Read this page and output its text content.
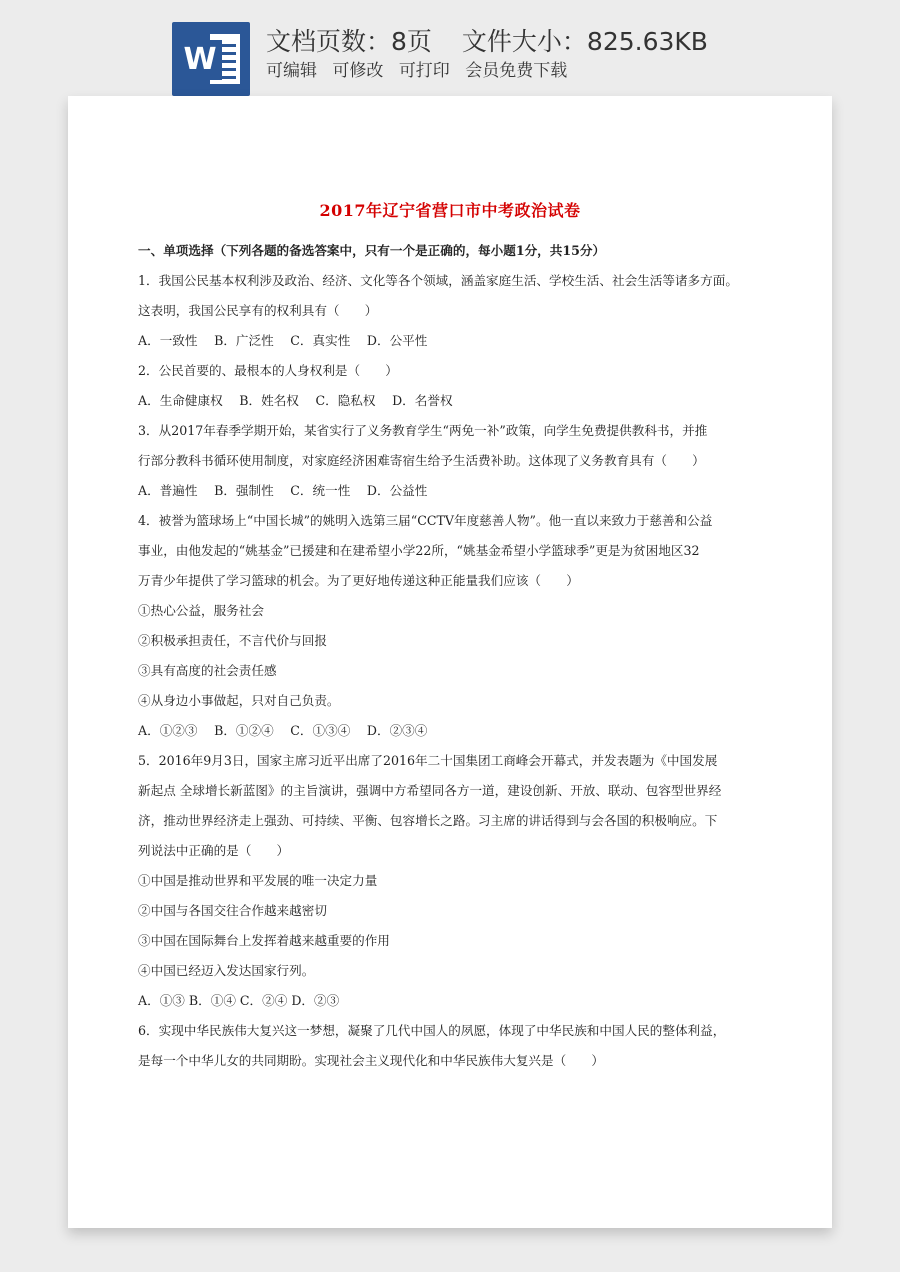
W
文档页数：8页 文件大小：825.63KB
可编辑 可修改 可打印 会员免费下载
2017年辽宁省营口市中考政治试卷
一、单项选择（下列各题的备选答案中，只有一个是正确的，每小题1分，共15分）
1．我国公民基本权利涉及政治、经济、文化等各个领域，涵盖家庭生活、学校生活、社会生活等诸多方面。
这表明，我国公民享有的权利具有（　　）
A．一致性　 B．广泛性　 C．真实性　 D．公平性
2．公民首要的、最根本的人身权利是（　　）
A．生命健康权　 B．姓名权　 C．隐私权　 D．名誉权
3．从2017年春季学期开始，某省实行了义务教育学生“两免一补”政策，向学生免费提供教科书，并推
行部分教科书循环使用制度，对家庭经济困难寄宿生给予生活费补助。这体现了义务教育具有（　　）
A．普遍性　 B．强制性　 C．统一性　 D．公益性
4．被誉为篮球场上“中国长城”的姚明入选第三届“CCTV年度慈善人物”。他一直以来致力于慈善和公益
事业，由他发起的“姚基金”已援建和在建希望小学22所，“姚基金希望小学篮球季”更是为贫困地区32
万青少年提供了学习篮球的机会。为了更好地传递这种正能量我们应该（　　）
①热心公益，服务社会
②积极承担责任，不言代价与回报
③具有高度的社会责任感
④从身边小事做起，只对自己负责。
A．①②③　 B．①②④　 C．①③④　 D．②③④
5．2016年9月3日，国家主席习近平出席了2016年二十国集团工商峰会开幕式，并发表题为《中国发展
新起点 全球增长新蓝图》的主旨演讲，强调中方希望同各方一道，建设创新、开放、联动、包容型世界经
济，推动世界经济走上强劲、可持续、平衡、包容增长之路。习主席的讲话得到与会各国的积极响应。下
列说法中正确的是（　　）
①中国是推动世界和平发展的唯一决定力量
②中国与各国交往合作越来越密切
③中国在国际舞台上发挥着越来越重要的作用
④中国已经迈入发达国家行列。
A．①③ B．①④ C．②④ D．②③
6．实现中华民族伟大复兴这一梦想，凝聚了几代中国人的夙愿，体现了中华民族和中国人民的整体利益，
是每一个中华儿女的共同期盼。实现社会主义现代化和中华民族伟大复兴是（　　）
